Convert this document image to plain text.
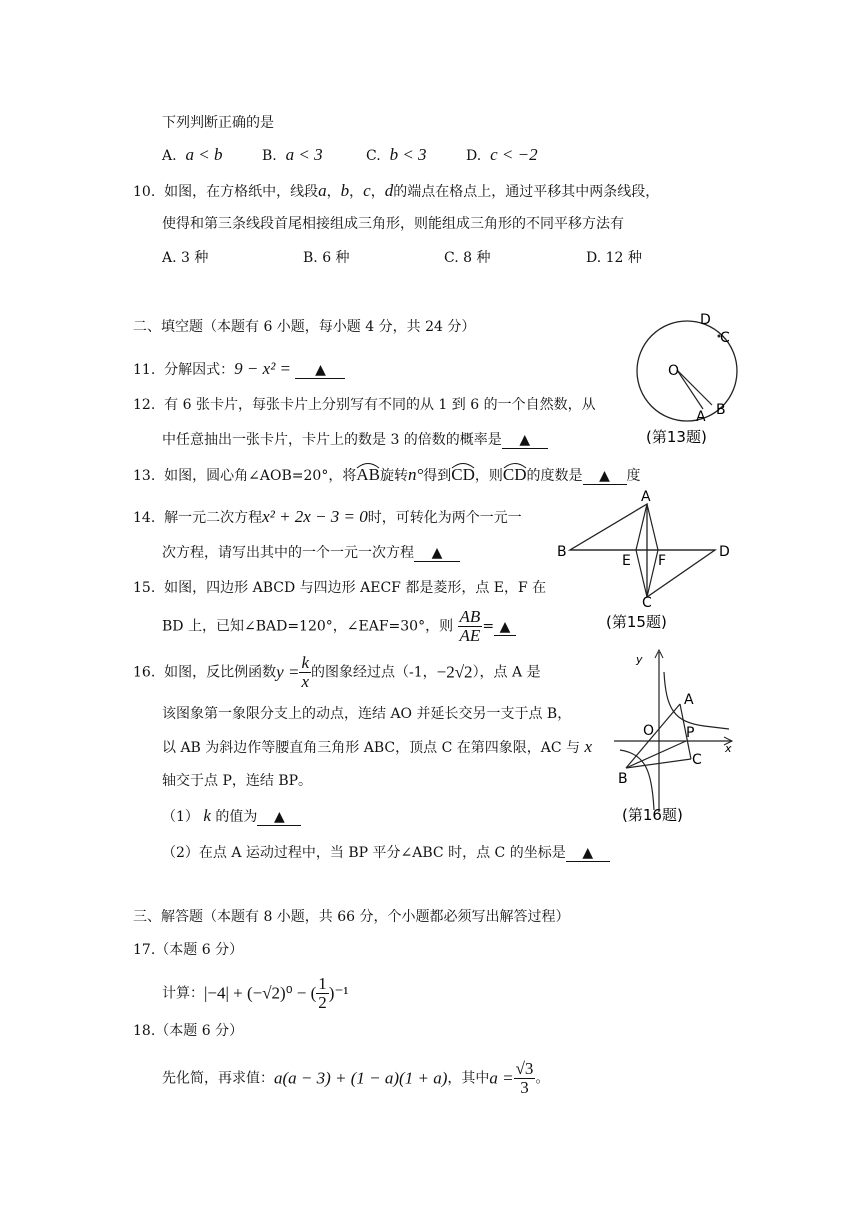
下列判断正确的是
A. a < b	B. a < 3	C. b < 3	D. c < −2
10. 如图，在方格纸中，线段a，b，c，d的端点在格点上，通过平移其中两条线段，
使得和第三条线段首尾相接组成三角形，则能组成三角形的不同平移方法有
A. 3 种	B. 6 种	C. 8 种	D. 12 种
二、填空题（本题有 6 小题，每小题 4 分，共 24 分）
11. 分解因式：9 − x² = ▲
12. 有 6 张卡片，每张卡片上分别写有不同的从 1 到 6 的一个自然数，从
中任意抽出一张卡片，卡片上的数是 3 的倍数的概率是 ▲
13. 如图，圆心角∠AOB=20°，将AB
旋转n°得到CD
，则CD
的度数是 ▲ 度
14. 解一元二次方程x² + 2x − 3 = 0时，可转化为两个一元一
次方程，请写出其中的一个一元一次方程 ▲
15. 如图，四边形 ABCD 与四边形 AECF 都是菱形，点 E，F 在
BD 上，已知∠BAD=120°，∠EAF=30°，则 $\frac{AB}{AE}$ = ▲
16. 如图，反比例函数$y = \frac{k}{x}$ 的图象经过点（-1，−2√2），点 A 是
该图象第一象限分支上的动点，连结 AO 并延长交另一支于点 B，
以 AB 为斜边作等腰直角三角形 ABC，顶点 C 在第四象限，AC 与 x
轴交于点 P，连结 BP。
（1） k 的值为 ▲
（2）在点 A 运动过程中，当 BP 平分∠ABC 时，点 C 的坐标是 ▲
三、解答题（本题有 8 小题，共 66 分，个小题都必须写出解答过程）
17.（本题 6 分）
计算：|−4| + (−√2)⁰ − ( $\frac{1}{2} )^{-1}$
18.（本题 6 分）
先化简，再求值：a(a − 3) + (1 − a)(1 + a)，其中$a = \frac{√3}{3}$ 。
D
C
O
A B
(第13题)
A
B
E F
D
C
(第15题)
y
A
O P
x
C
B
(第16题)
